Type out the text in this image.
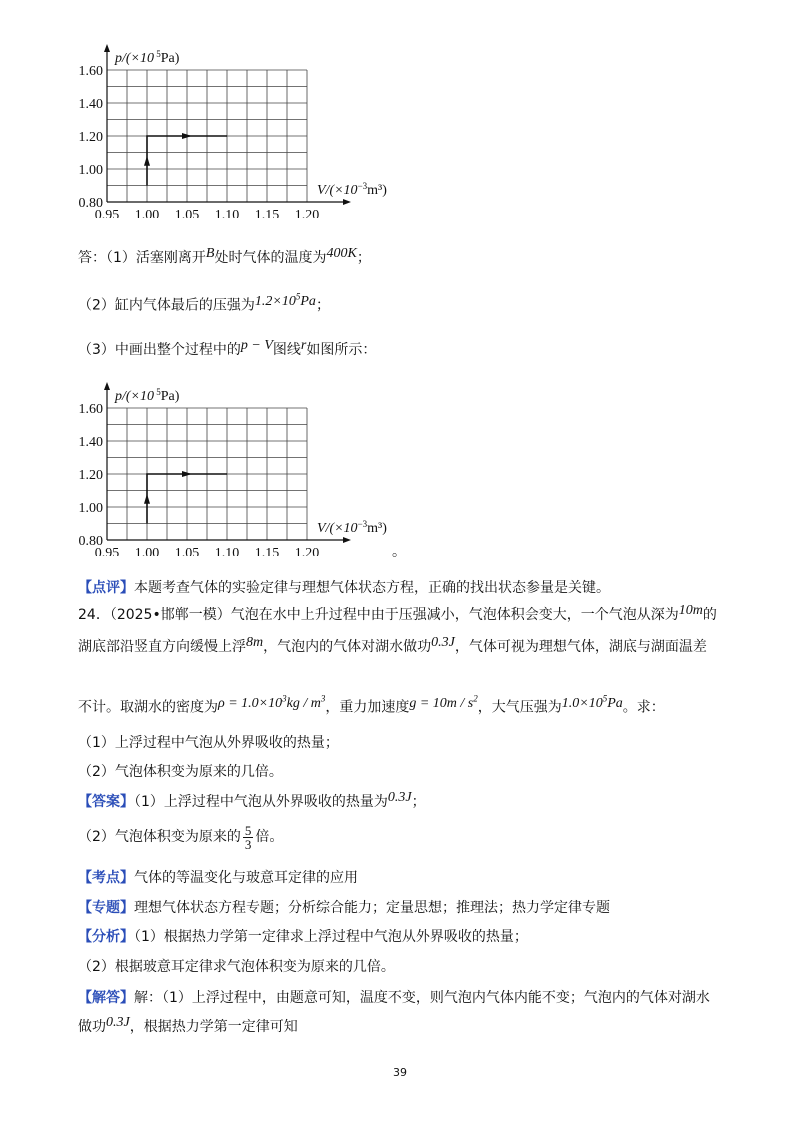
0.95 1.00 1.05 1.10 1.15 1.20
0.80
1.00
1.20
1.40
1.60
p/(×10 $^5$Pa)
$V/(\times 10^{-3}m^3)$
答：（1）活塞刚离开B处时气体的温度为400K；
（2）缸内气体最后的压强为$1.2\times 10^5Pa$；
（3）中画出整个过程中的p − V图线r如图所示：
0.95 1.00 1.05 1.10 1.15 1.20
0.80
1.00
1.20
1.40
1.60
p/(×10 $^5$Pa)
$V/(\times 10^{-3}m^3)$
。
【点评】本题考查气体的实验定律与理想气体状态方程，正确的找出状态参量是关键。
24．（2025•邯郸一模）气泡在水中上升过程中由于压强减小，气泡体积会变大，一个气泡从深为10m的
湖底部沿竖直方向缓慢上浮8m，气泡内的气体对湖水做功0.3J，气体可视为理想气体，湖底与湖面温差
不计。取湖水的密度为$\rho = 1.0\times 10^3kg / m^3$，重力加速度$g = 10m / s^2$，大气压强为$1.0\times 10^5Pa$。求：
（1）上浮过程中气泡从外界吸收的热量；
（2）气泡体积变为原来的几倍。
【答案】（1）上浮过程中气泡从外界吸收的热量为0.3J；
（2）气泡体积变为原来的 $\frac{5}{3}$ 倍。
【考点】气体的等温变化与玻意耳定律的应用
【专题】理想气体状态方程专题；分析综合能力；定量思想；推理法；热力学定律专题
【分析】（1）根据热力学第一定律求上浮过程中气泡从外界吸收的热量；
（2）根据玻意耳定律求气泡体积变为原来的几倍。
【解答】解：（1）上浮过程中，由题意可知，温度不变，则气泡内气体内能不变；气泡内的气体对湖水
做功0.3J，根据热力学第一定律可知
39
